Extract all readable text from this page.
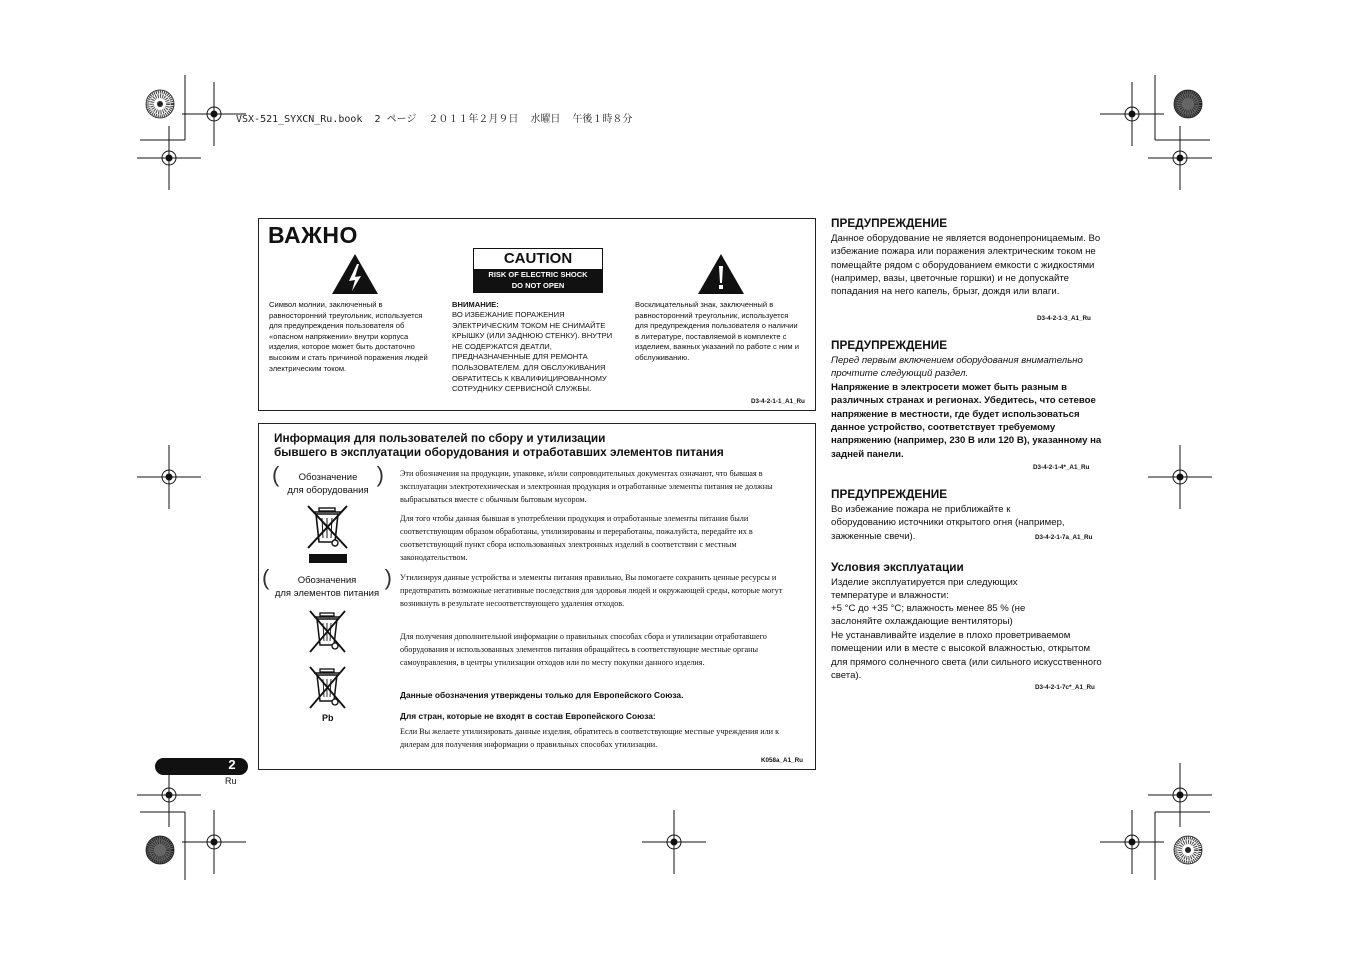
VSX-521_SYXCN_Ru.book  2 ページ  ２０１１年２月９日  水曜日  午後１時８分
ВАЖНО
Символ молнии, заключенный в равносторонний треугольник, используется для предупреждения пользователя об «опасном напряжении» внутри корпуса изделия, которое может быть достаточно высоким и стать причиной поражения людей электрическим током.
CAUTION
RISK OF ELECTRIC SHOCK
DO NOT OPEN
ВНИМАНИЕ:
ВО ИЗБЕЖАНИЕ ПОРАЖЕНИЯ ЭЛЕКТРИЧЕСКИМ ТОКОМ НЕ СНИМАЙТЕ КРЫШКУ (ИЛИ ЗАДНЮЮ СТЕНКУ). ВНУТРИ НЕ СОДЕРЖАТСЯ ДЕАТЛИ, ПРЕДНАЗНАЧЕННЫЕ ДЛЯ РЕМОНТА ПОЛЬЗОВАТЕЛЕМ. ДЛЯ ОБСЛУЖИВАНИЯ ОБРАТИТЕСЬ К КВАЛИФИЦИРОВАННОМУ СОТРУДНИКУ СЕРВИСНОЙ СЛУЖБЫ.
Восклицательный знак, заключенный в равносторонний треугольник, используется для предупреждения пользователя о наличии в литературе, поставляемой в комплекте с изделием, важных указаний по работе с ним и обслуживанию.
D3-4-2-1-1_A1_Ru
Информация для пользователей по сбору и утилизации
бывшего в эксплуатации оборудования и отработавших элементов питания
(	Обозначение
для оборудования
)
(	Обозначения
для элементов питания
)
Pb
Эти обозначения на продукции, упаковке, и/или сопроводительных документах означают, что бывшая в эксплуатации электротехническая и электронная продукция и отработанные элементы питания не должны выбрасываться вместе с обычным бытовым мусором.
Для того чтобы данная бывшая в употреблении продукция и отработанные элементы питания были соответствующим образом обработаны, утилизированы и переработаны, пожалуйста, передайте их в соответствующий пункт сбора использованных электронных изделий в соответствии с местным законодательством.
Утилизируя данные устройства и элементы питания правильно, Вы помогаете сохранить ценные ресурсы и предотвратить возможные негативные последствия для здоровья людей и окружающей среды, которые могут возникнуть в результате несоответствующего удаления отходов.
Для получения дополнительной информации о правильных способах сбора и утилизации отработавшего оборудования и использованных элементов питания обращайтесь в соответствующие местные органы самоуправления, в центры утилизации отходов или по месту покупки данного изделия.
Данные обозначения утверждены только для Европейского Союза.
Для стран, которые не входят в состав Европейского Союза:
Если Вы желаете утилизировать данные изделия, обратитесь в соответствующие местные учреждения или к дилерам для получения информации о правильных способах утилизации.
K058a_A1_Ru
ПРЕДУПРЕЖДЕНИЕ
Данное оборудование не является водонепроницаемым. Во избежание пожара или поражения электрическим током не помещайте рядом с оборудованием емкости с жидкостями (например, вазы, цветочные горшки) и не допускайте попадания на него капель, брызг, дождя или влаги.
D3-4-2-1-3_A1_Ru
ПРЕДУПРЕЖДЕНИЕ
Перед первым включением оборудования внимательно прочтите следующий раздел.
Напряжение в электросети может быть разным в различных странах и регионах. Убедитесь, что сетевое напряжение в местности, где будет использоваться данное устройство, соответствует требуемому напряжению (например, 230 В или 120 В), указанному на задней панели.
D3-4-2-1-4*_A1_Ru
ПРЕДУПРЕЖДЕНИЕ
Во избежание пожара не приближайте к оборудованию источники открытого огня (например, зажженные свечи).	D3-4-2-1-7a_A1_Ru
Условия эксплуатации
Изделие эксплуатируется при следующих температуре и влажности:
+5 °C до +35 °C; влажность менее 85 % (не заслоняйте охлаждающие вентиляторы)
Не устанавливайте изделие в плохо проветриваемом помещении или в месте с высокой влажностью, открытом для прямого солнечного света (или сильного искусственного света).
D3-4-2-1-7c*_A1_Ru
2
Ru
